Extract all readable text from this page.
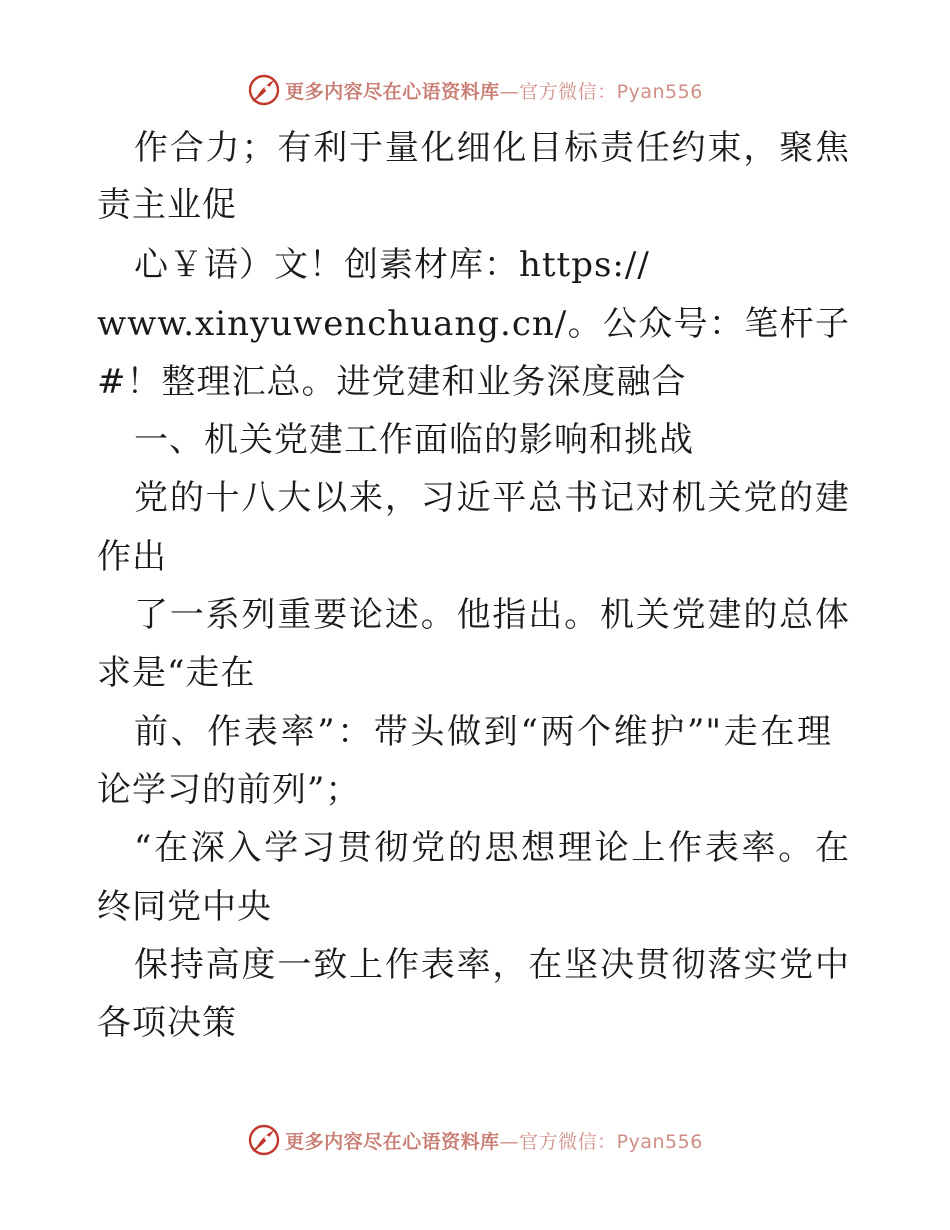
更多内容尽在心语资料库 —官方微信：Pyan556
作合力；有利于量化细化目标责任约束，聚焦
责主业促
心￥语）文！创素材库：https://
www.xinyuwenchuang.cn/。公众号：笔杆子
#！整理汇总。进党建和业务深度融合
一、机关党建工作面临的影响和挑战
党的十八大以来，习近平总书记对机关党的建
作出
了一系列重要论述。他指出。机关党建的总体
求是“走在
前、作表率”：带头做到“两个维护”"走在理
论学习的前列”；
“在深入学习贯彻党的思想理论上作表率。在
终同党中央
保持高度一致上作表率，在坚决贯彻落实党中
各项决策
更多内容尽在心语资料库 —官方微信：Pyan556
